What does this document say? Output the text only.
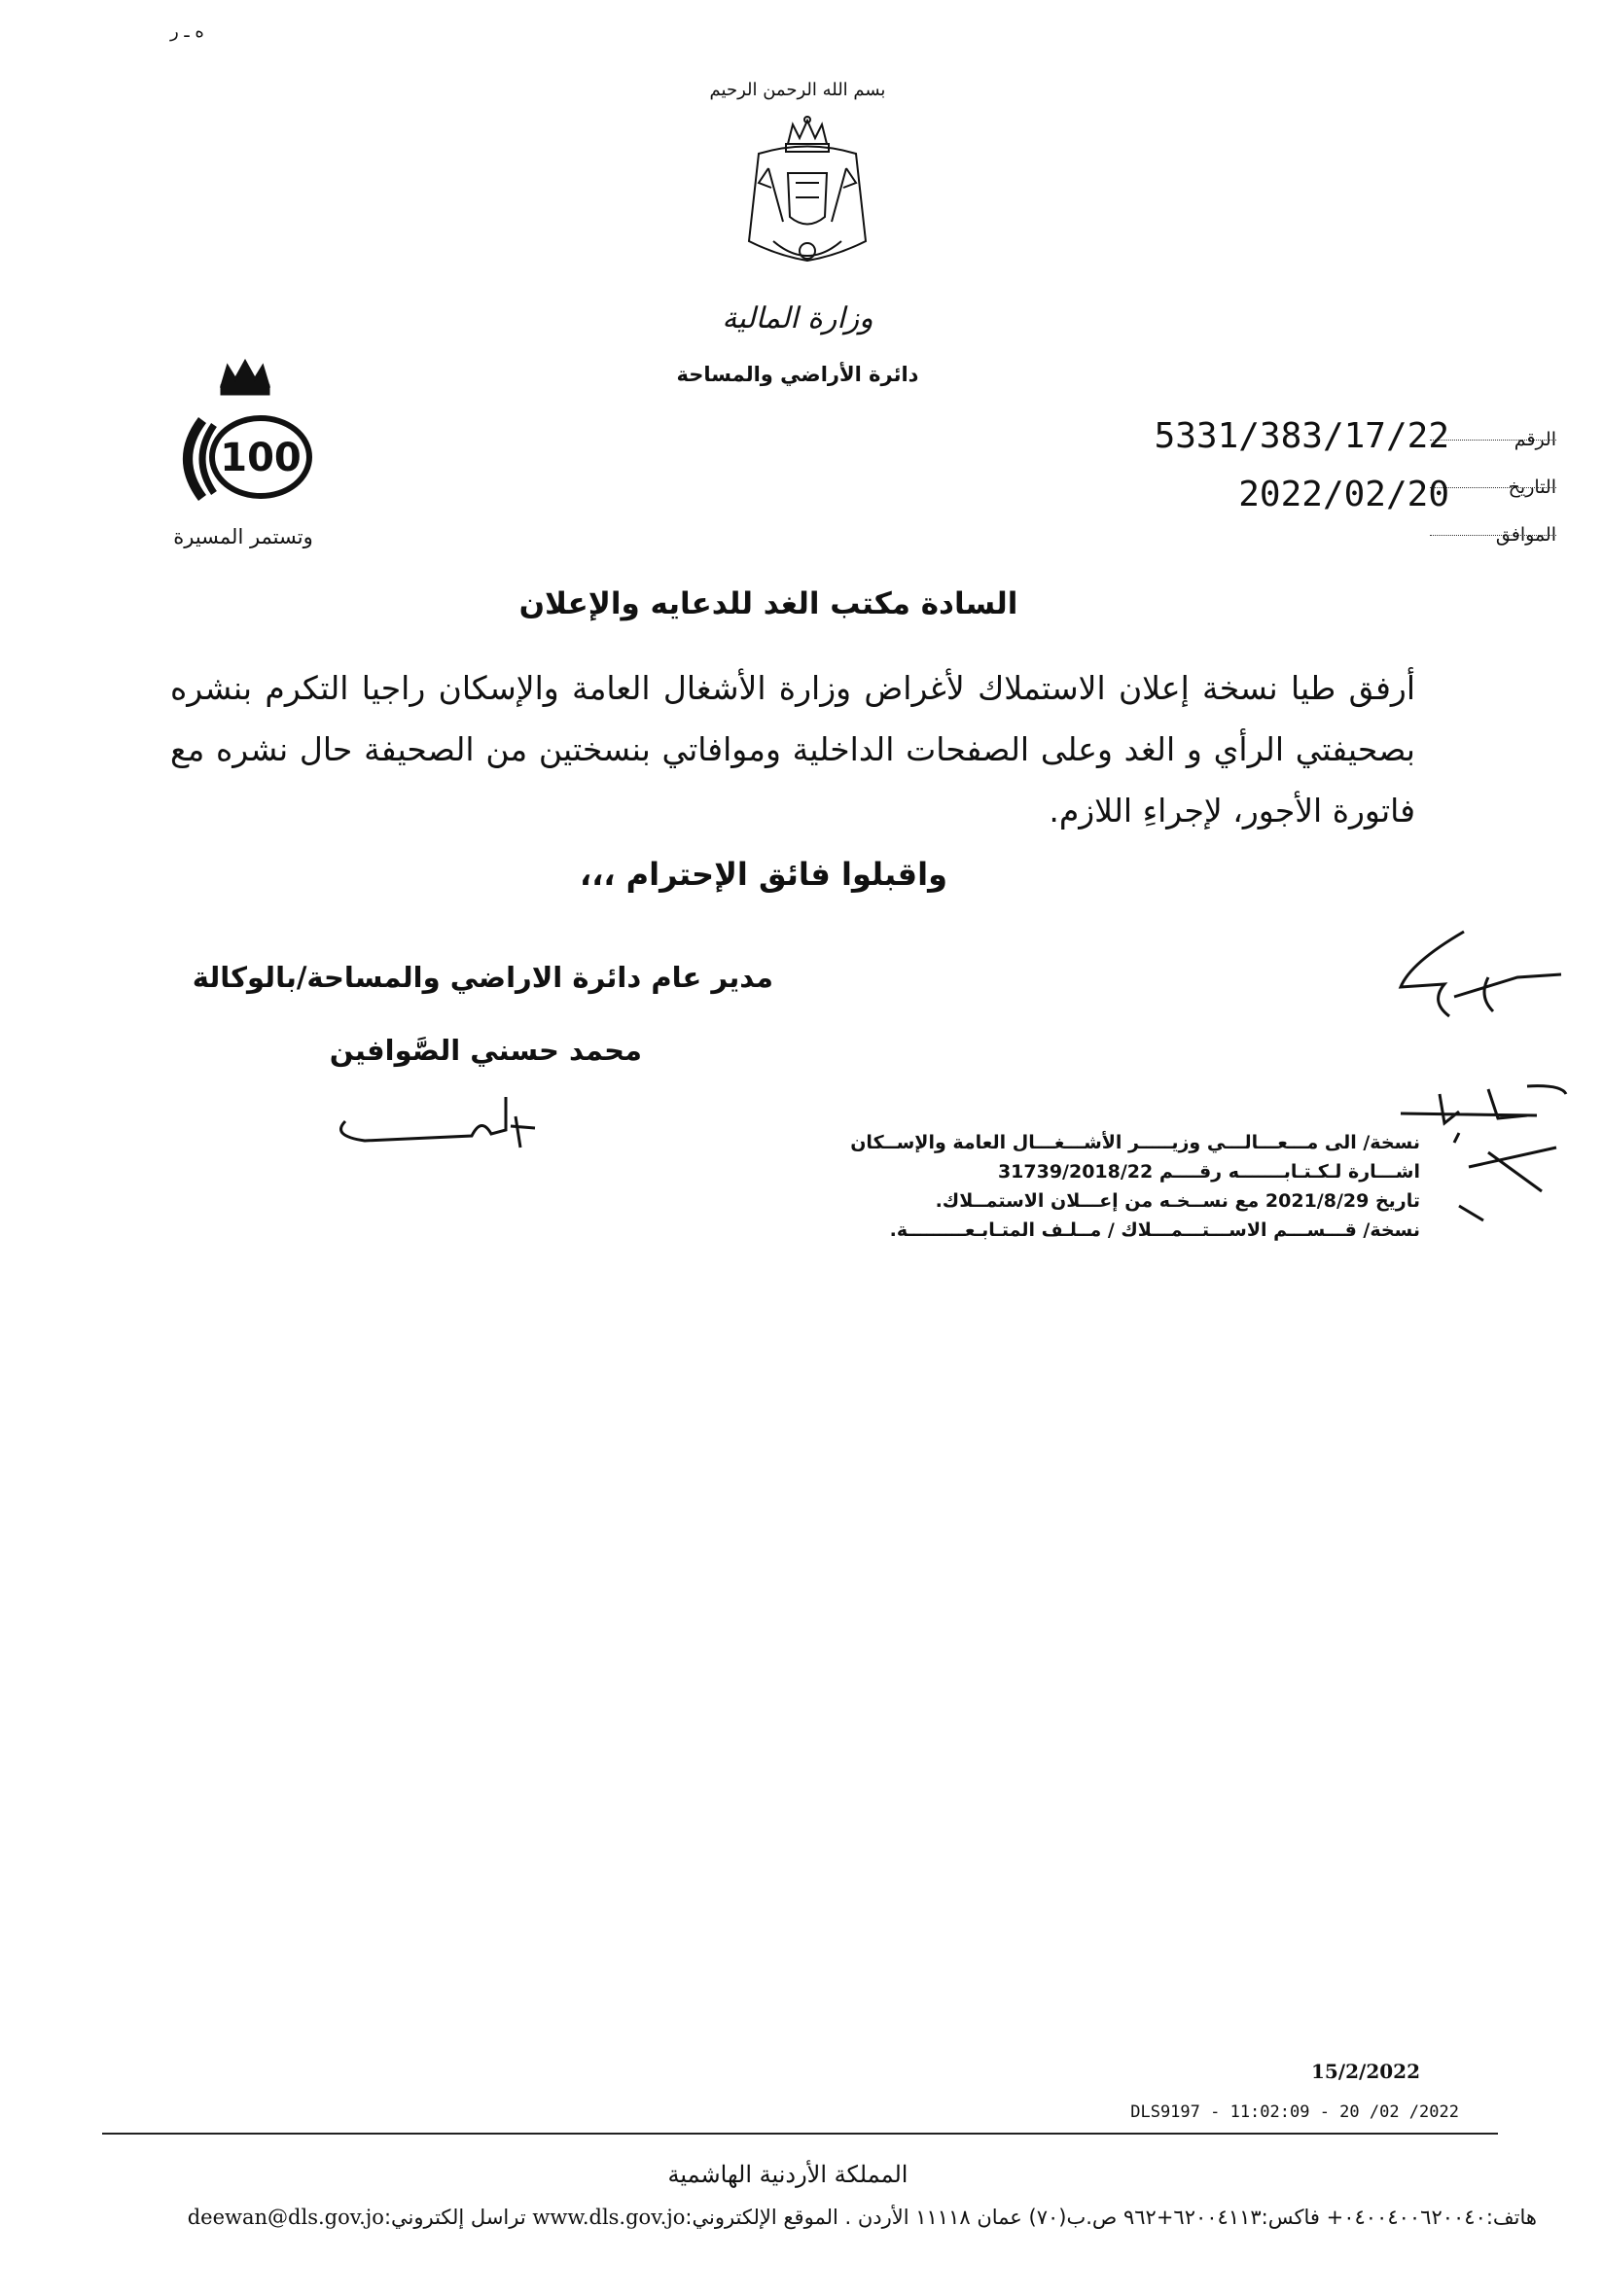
ه ـ ر
بسم الله الرحمن الرحيم
وزارة المالية
دائرة الأراضي والمساحة
100
وتستمر المسيرة
الرقم
التاريخ
الموافق
5331/383/17/22
2022/02/20
السادة مكتب الغد للدعايه والإعلان
أرفق طيا نسخة إعلان الاستملاك لأغراض وزارة الأشغال العامة والإسكان راجيا التكرم بنشره بصحيفتي الرأي و الغد وعلى الصفحات الداخلية وموافاتي بنسختين من الصحيفة حال نشره مع فاتورة الأجور، لإجراءِ اللازم.
واقبلوا فائق الإحترام ،،،
مدير عام دائرة الاراضي والمساحة/بالوكالة
محمد حسني الصَّوافين
نسخة/ الى مـــعـــالـــي وزيـــــر الأشـــغـــال العامة والإســكان
اشـــارة لـكـتـابـــــــه رقــــم 31739/2018/22
تاريخ 2021/8/29 مع نســخـه من إعـــلان الاستمــلاك.
نسخة/ قـــســـم الاســـتـــمـــلاك / مــلـف المتـابـعـــــــــة.
15/2/2022
DLS9197 - 11:02:09 - 20 /02 /2022
المملكة الأردنية الهاشمية
هاتف:٠٤٠٠٤٠٠٦٢٠٠٤٠+ فاكس:٦٢٠٠٤١١٣+٩٦٢ ص.ب(٧٠) عمان ١١١١٨ الأردن . الموقع الإلكتروني:www.dls.gov.jo تراسل إلكتروني:deewan@dls.gov.jo
